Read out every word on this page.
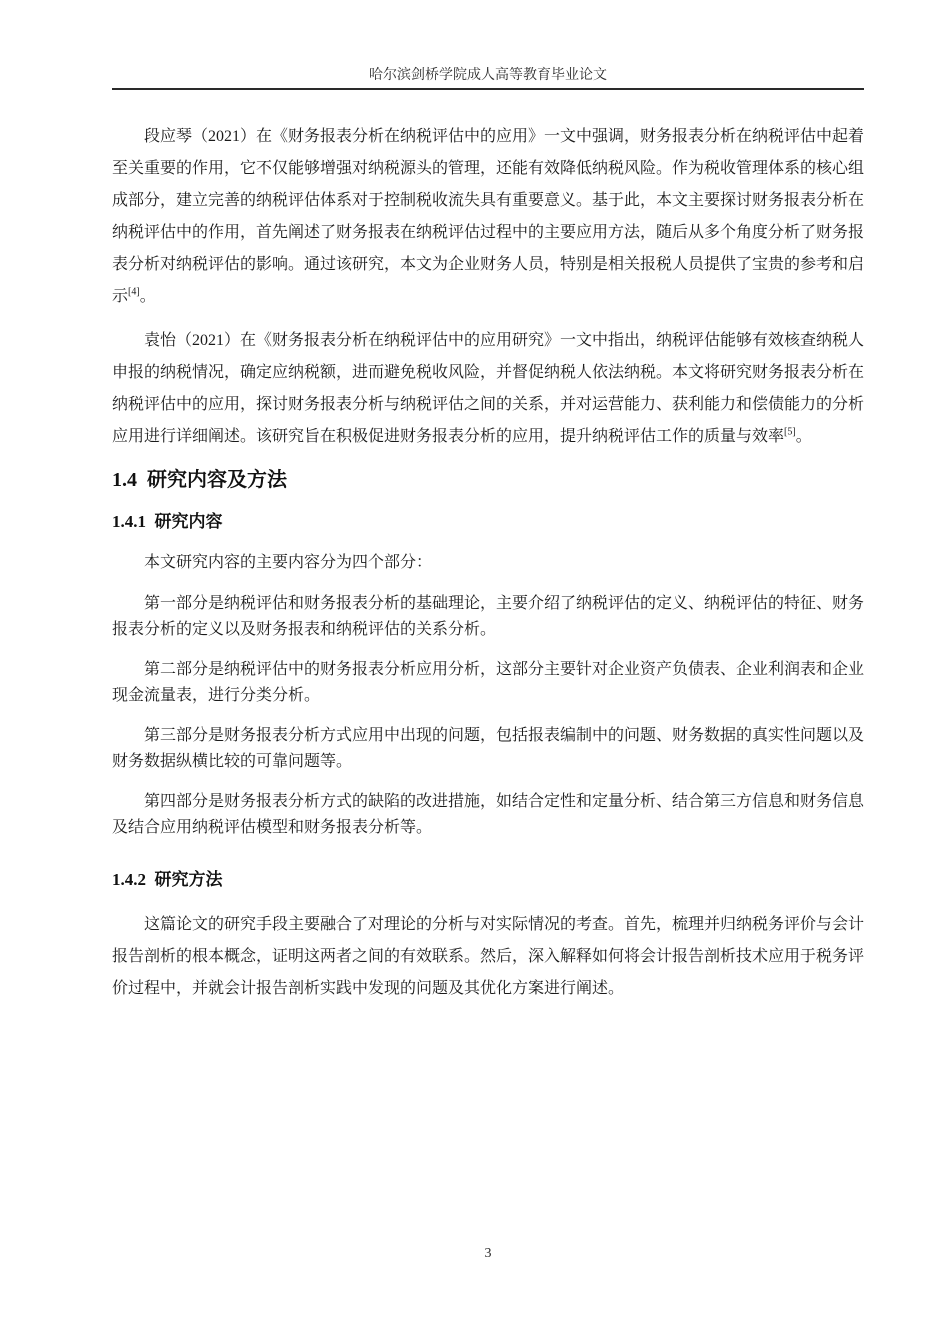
哈尔滨剑桥学院成人高等教育毕业论文

段应琴（2021）在《财务报表分析在纳税评估中的应用》一文中强调，财务报表分析在纳税评估中起着至关重要的作用，它不仅能够增强对纳税源头的管理，还能有效降低纳税风险。作为税收管理体系的核心组成部分，建立完善的纳税评估体系对于控制税收流失具有重要意义。基于此，本文主要探讨财务报表分析在纳税评估中的作用，首先阐述了财务报表在纳税评估过程中的主要应用方法，随后从多个角度分析了财务报表分析对纳税评估的影响。通过该研究，本文为企业财务人员，特别是相关报税人员提供了宝贵的参考和启示[4]。

袁怡（2021）在《财务报表分析在纳税评估中的应用研究》一文中指出，纳税评估能够有效核查纳税人申报的纳税情况，确定应纳税额，进而避免税收风险，并督促纳税人依法纳税。本文将研究财务报表分析在纳税评估中的应用，探讨财务报表分析与纳税评估之间的关系，并对运营能力、获利能力和偿债能力的分析应用进行详细阐述。该研究旨在积极促进财务报表分析的应用，提升纳税评估工作的质量与效率[5]。

1.4 研究内容及方法
1.4.1 研究内容

本文研究内容的主要内容分为四个部分：

第一部分是纳税评估和财务报表分析的基础理论，主要介绍了纳税评估的定义、纳税评估的特征、财务报表分析的定义以及财务报表和纳税评估的关系分析。

第二部分是纳税评估中的财务报表分析应用分析，这部分主要针对企业资产负债表、企业利润表和企业现金流量表，进行分类分析。

第三部分是财务报表分析方式应用中出现的问题，包括报表编制中的问题、财务数据的真实性问题以及财务数据纵横比较的可靠问题等。

第四部分是财务报表分析方式的缺陷的改进措施，如结合定性和定量分析、结合第三方信息和财务信息及结合应用纳税评估模型和财务报表分析等。

1.4.2 研究方法

这篇论文的研究手段主要融合了对理论的分析与对实际情况的考查。首先，梳理并归纳税务评价与会计报告剖析的根本概念，证明这两者之间的有效联系。然后，深入解释如何将会计报告剖析技术应用于税务评价过程中，并就会计报告剖析实践中发现的问题及其优化方案进行阐述。

3
